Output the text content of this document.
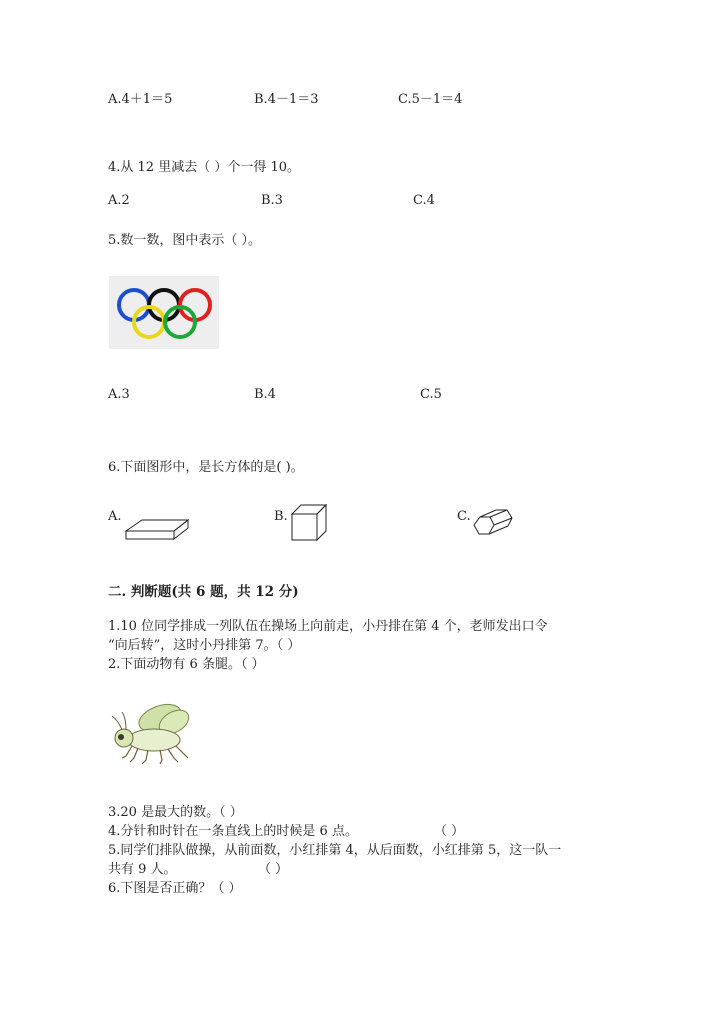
A.4＋1＝5	B.4－1＝3	C.5－1＝4
4.从 12 里减去（ ）个一得 10。
A.2	B.3	C.4
5.数一数，图中表示（ ）。
A.3	B.4	C.5
6.下面图形中，是长方体的是( )。
A.	B.	C.
二. 判断题(共 6 题，共 12 分)
1.10 位同学排成一列队伍在操场上向前走，小丹排在第 4 个，老师发出口令
“向后转”，这时小丹排第 7。（ ）
2.下面动物有 6 条腿。（ ）
3.20 是最大的数。（ ）
4.分针和时针在一条直线上的时候是 6 点。	（ ）
5.同学们排队做操，从前面数，小红排第 4，从后面数，小红排第 5，这一队一
共有 9 人。	（ ）
6.下图是否正确？（ ）
